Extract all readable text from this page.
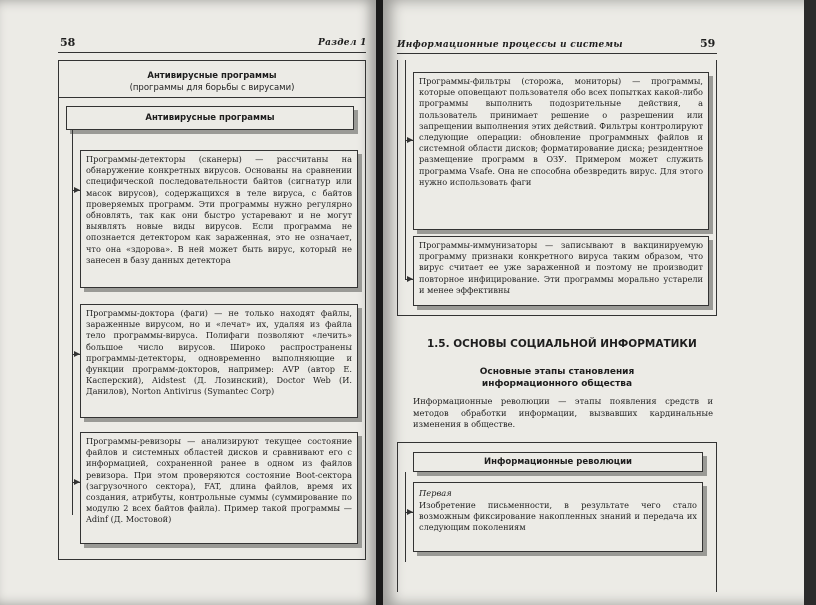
58	Раздел 1
Антивирусные программы
(программы для борьбы с вирусами)
Антивирусные программы
Программы-детекторы (сканеры) — рассчитаны на обнаружение конкретных вирусов. Основаны на сравнении специфической последовательности байтов (сигнатур или масок вирусов), содержащихся в теле вируса, с байтов проверяемых программ. Эти программы нужно регулярно обновлять, так как они быстро устаревают и не могут выявлять новые виды вирусов. Если программа не опознается детектором как зараженная, это не означает, что она «здорова». В ней может быть вирус, который не занесен в базу данных детектора
Программы-доктора (фаги) — не только находят файлы, зараженные вирусом, но и «лечат» их, удаляя из файла тело программы-вируса. Полифаги позволяют «лечить» большое число вирусов. Широко распространены программы-детекторы, одновременно выполняющие и функции программ-докторов, например: AVP (автор Е. Касперский), Aidstest (Д. Лозинский), Doctor Web (И. Данилов), Norton Antivirus (Symantec Corp)
Программы-ревизоры — анализируют текущее состояние файлов и системных областей дисков и сравнивают его с информацией, сохраненной ранее в одном из файлов ревизора. При этом проверяются состояние Boot-сектора (загрузочного сектора), FAT, длина файлов, время их создания, атрибуты, контрольные суммы (суммирование по модулю 2 всех байтов файла). Пример такой программы — Adinf (Д. Мостовой)
Информационные процессы и системы	59
Программы-фильтры (сторожа, мониторы) — программы, которые оповещают пользователя обо всех попытках какой-либо программы выполнить подозрительные действия, а пользователь принимает решение о разрешении или запрещении выполнения этих действий. Фильтры контролируют следующие операции: обновление программных файлов и системной области дисков; форматирование диска; резидентное размещение программ в ОЗУ. Примером может служить программа Vsafe. Она не способна обезвредить вирус. Для этого нужно использовать фаги
Программы-иммунизаторы — записывают в вакцинируемую программу признаки конкретного вируса таким образом, что вирус считает ее уже зараженной и поэтому не производит повторное инфицирование. Эти программы морально устарели и менее эффективны
1.5. ОСНОВЫ СОЦИАЛЬНОЙ ИНФОРМАТИКИ
Основные этапы становления
информационного общества
Информационные революции — этапы появления средств и методов обработки информации, вызвавших кардинальные изменения в обществе.
Информационные революции
Первая
Изобретение письменности, в результате чего стало возможным фиксирование накопленных знаний и передача их следующим поколениям
